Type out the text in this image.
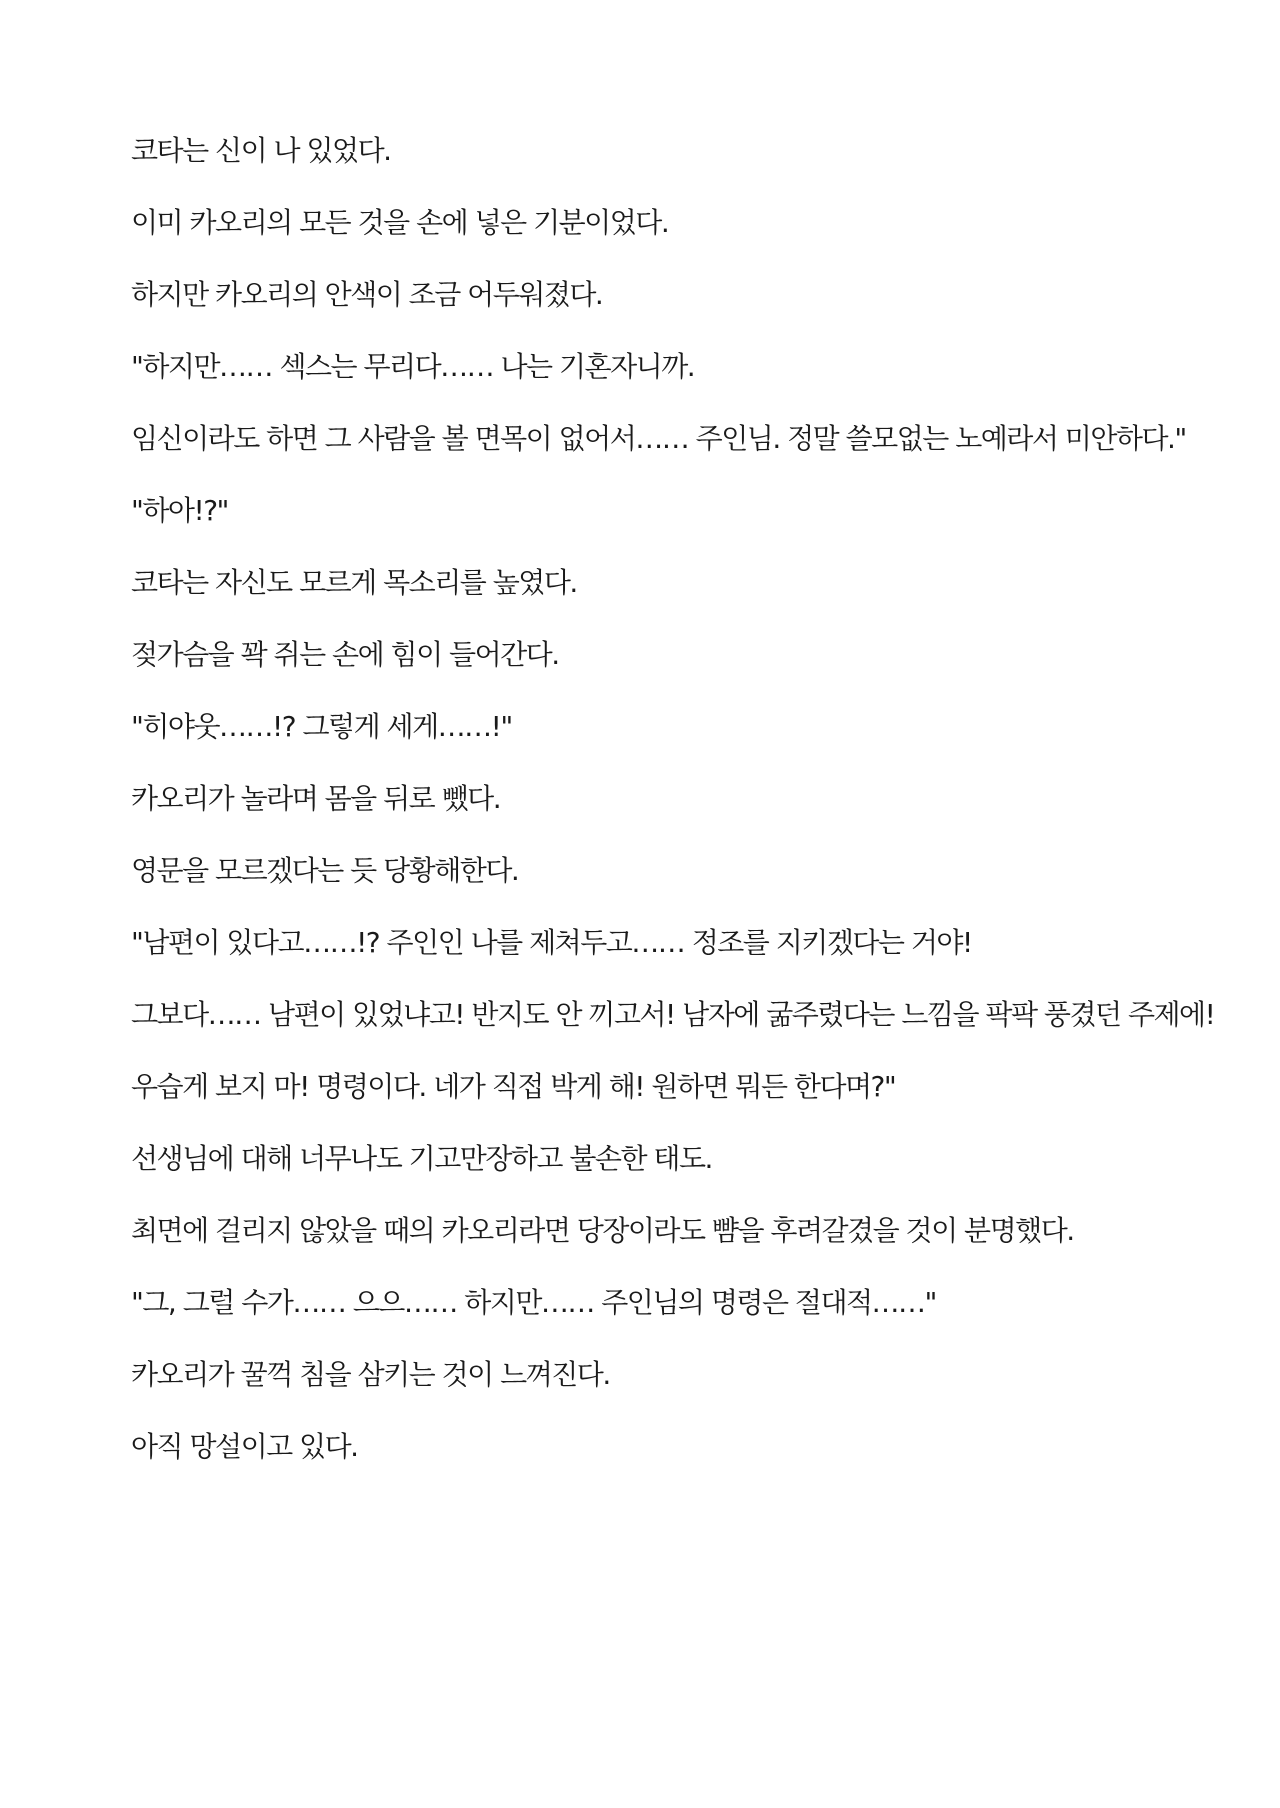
코타는 신이 나 있었다.

이미 카오리의 모든 것을 손에 넣은 기분이었다.

하지만 카오리의 안색이 조금 어두워졌다.

"하지만…… 섹스는 무리다…… 나는 기혼자니까.

임신이라도 하면 그 사람을 볼 면목이 없어서…… 주인님. 정말 쓸모없는 노예라서 미안하다."

"하아!?"

코타는 자신도 모르게 목소리를 높였다.

젖가슴을 꽉 쥐는 손에 힘이 들어간다.

"히야웃……!? 그렇게 세게……!"

카오리가 놀라며 몸을 뒤로 뺐다.

영문을 모르겠다는 듯 당황해한다.

"남편이 있다고……!? 주인인 나를 제쳐두고…… 정조를 지키겠다는 거야!

그보다…… 남편이 있었냐고! 반지도 안 끼고서! 남자에 굶주렸다는 느낌을 팍팍 풍겼던 주제에!

우습게 보지 마! 명령이다. 네가 직접 박게 해! 원하면 뭐든 한다며?"

선생님에 대해 너무나도 기고만장하고 불손한 태도.

최면에 걸리지 않았을 때의 카오리라면 당장이라도 뺨을 후려갈겼을 것이 분명했다.

"그, 그럴 수가…… 으으…… 하지만…… 주인님의 명령은 절대적……"

카오리가 꿀꺽 침을 삼키는 것이 느껴진다.

아직 망설이고 있다.
